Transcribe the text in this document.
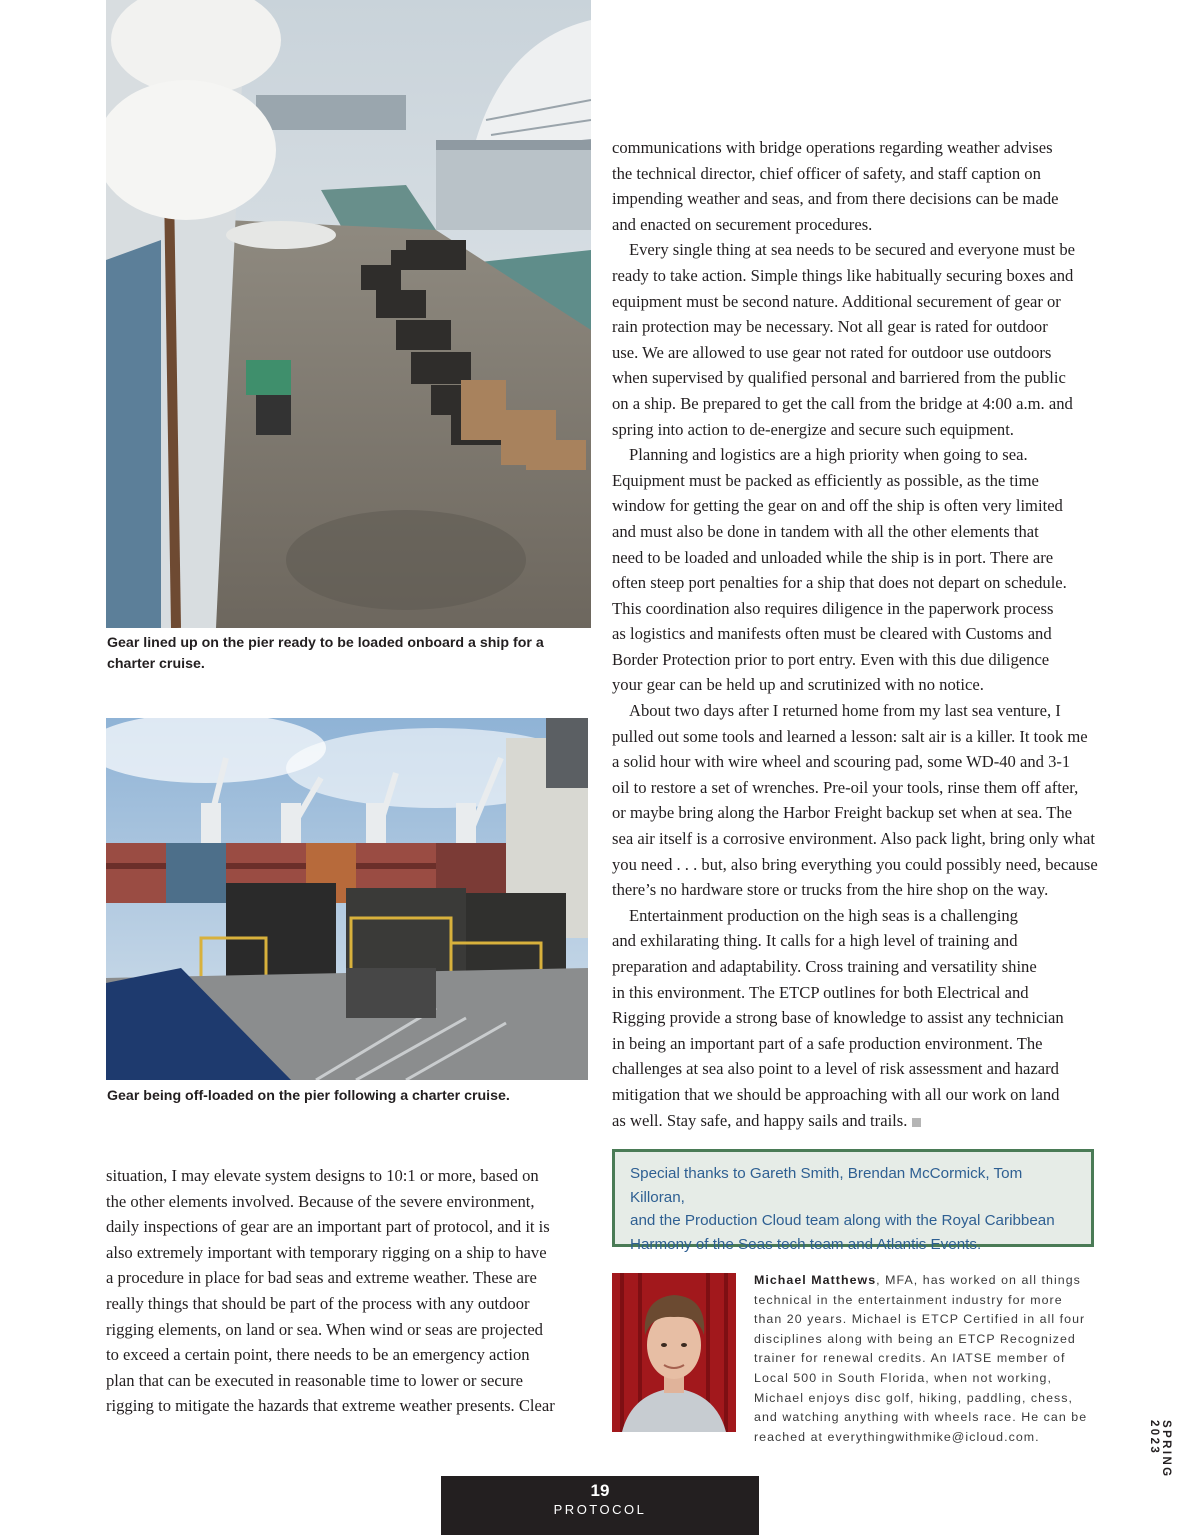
Gear lined up on the pier ready to be loaded onboard a ship for a charter cruise.

Gear being off-loaded on the pier following a charter cruise.

situation, I may elevate system designs to 10:1 or more, based on

the other elements involved. Because of the severe environment,

daily inspections of gear are an important part of protocol, and it is

also extremely important with temporary rigging on a ship to have

a procedure in place for bad seas and extreme weather. These are

really things that should be part of the process with any outdoor

rigging elements, on land or sea. When wind or seas are projected

to exceed a certain point, there needs to be an emergency action

plan that can be executed in reasonable time to lower or secure

rigging to mitigate the hazards that extreme weather presents. Clear

communications with bridge operations regarding weather advises

the technical director, chief officer of safety, and staff caption on

impending weather and seas, and from there decisions can be made

and enacted on securement procedures.

Every single thing at sea needs to be secured and everyone must be

ready to take action. Simple things like habitually securing boxes and

equipment must be second nature. Additional securement of gear or

rain protection may be necessary. Not all gear is rated for outdoor

use. We are allowed to use gear not rated for outdoor use outdoors

when supervised by qualified personal and barriered from the public

on a ship. Be prepared to get the call from the bridge at 4:00 a.m. and

spring into action to de-energize and secure such equipment.

Planning and logistics are a high priority when going to sea.

Equipment must be packed as efficiently as possible, as the time

window for getting the gear on and off the ship is often very limited

and must also be done in tandem with all the other elements that

need to be loaded and unloaded while the ship is in port. There are

often steep port penalties for a ship that does not depart on schedule.

This coordination also requires diligence in the paperwork process

as logistics and manifests often must be cleared with Customs and

Border Protection prior to port entry. Even with this due diligence

your gear can be held up and scrutinized with no notice.

About two days after I returned home from my last sea venture, I

pulled out some tools and learned a lesson: salt air is a killer. It took me

a solid hour with wire wheel and scouring pad, some WD-40 and 3-1

oil to restore a set of wrenches. Pre-oil your tools, rinse them off after,

or maybe bring along the Harbor Freight backup set when at sea. The

sea air itself is a corrosive environment. Also pack light, bring only what

you need . . . but, also bring everything you could possibly need, because

there’s no hardware store or trucks from the hire shop on the way.

Entertainment production on the high seas is a challenging

and exhilarating thing. It calls for a high level of training and

preparation and adaptability. Cross training and versatility shine

in this environment. The ETCP outlines for both Electrical and

Rigging provide a strong base of knowledge to assist any technician

in being an important part of a safe production environment. The

challenges at sea also point to a level of risk assessment and hazard

mitigation that we should be approaching with all our work on land

as well. Stay safe, and happy sails and trails.

Special thanks to Gareth Smith, Brendan McCormick, Tom Killoran,
and the Production Cloud team along with the Royal Caribbean
Harmony of the Seas tech team and Atlantis Events.

Michael Matthews, MFA, has worked on all things
technical in the entertainment industry for more
than 20 years. Michael is ETCP Certified in all four
disciplines along with being an ETCP Recognized
trainer for renewal credits. An IATSE member of
Local 500 in South Florida, when not working,
Michael enjoys disc golf, hiking, paddling, chess,
and watching anything with wheels race. He can be
reached at everythingwithmike@icloud.com.

19
PROTOCOL
SPRING 2023
